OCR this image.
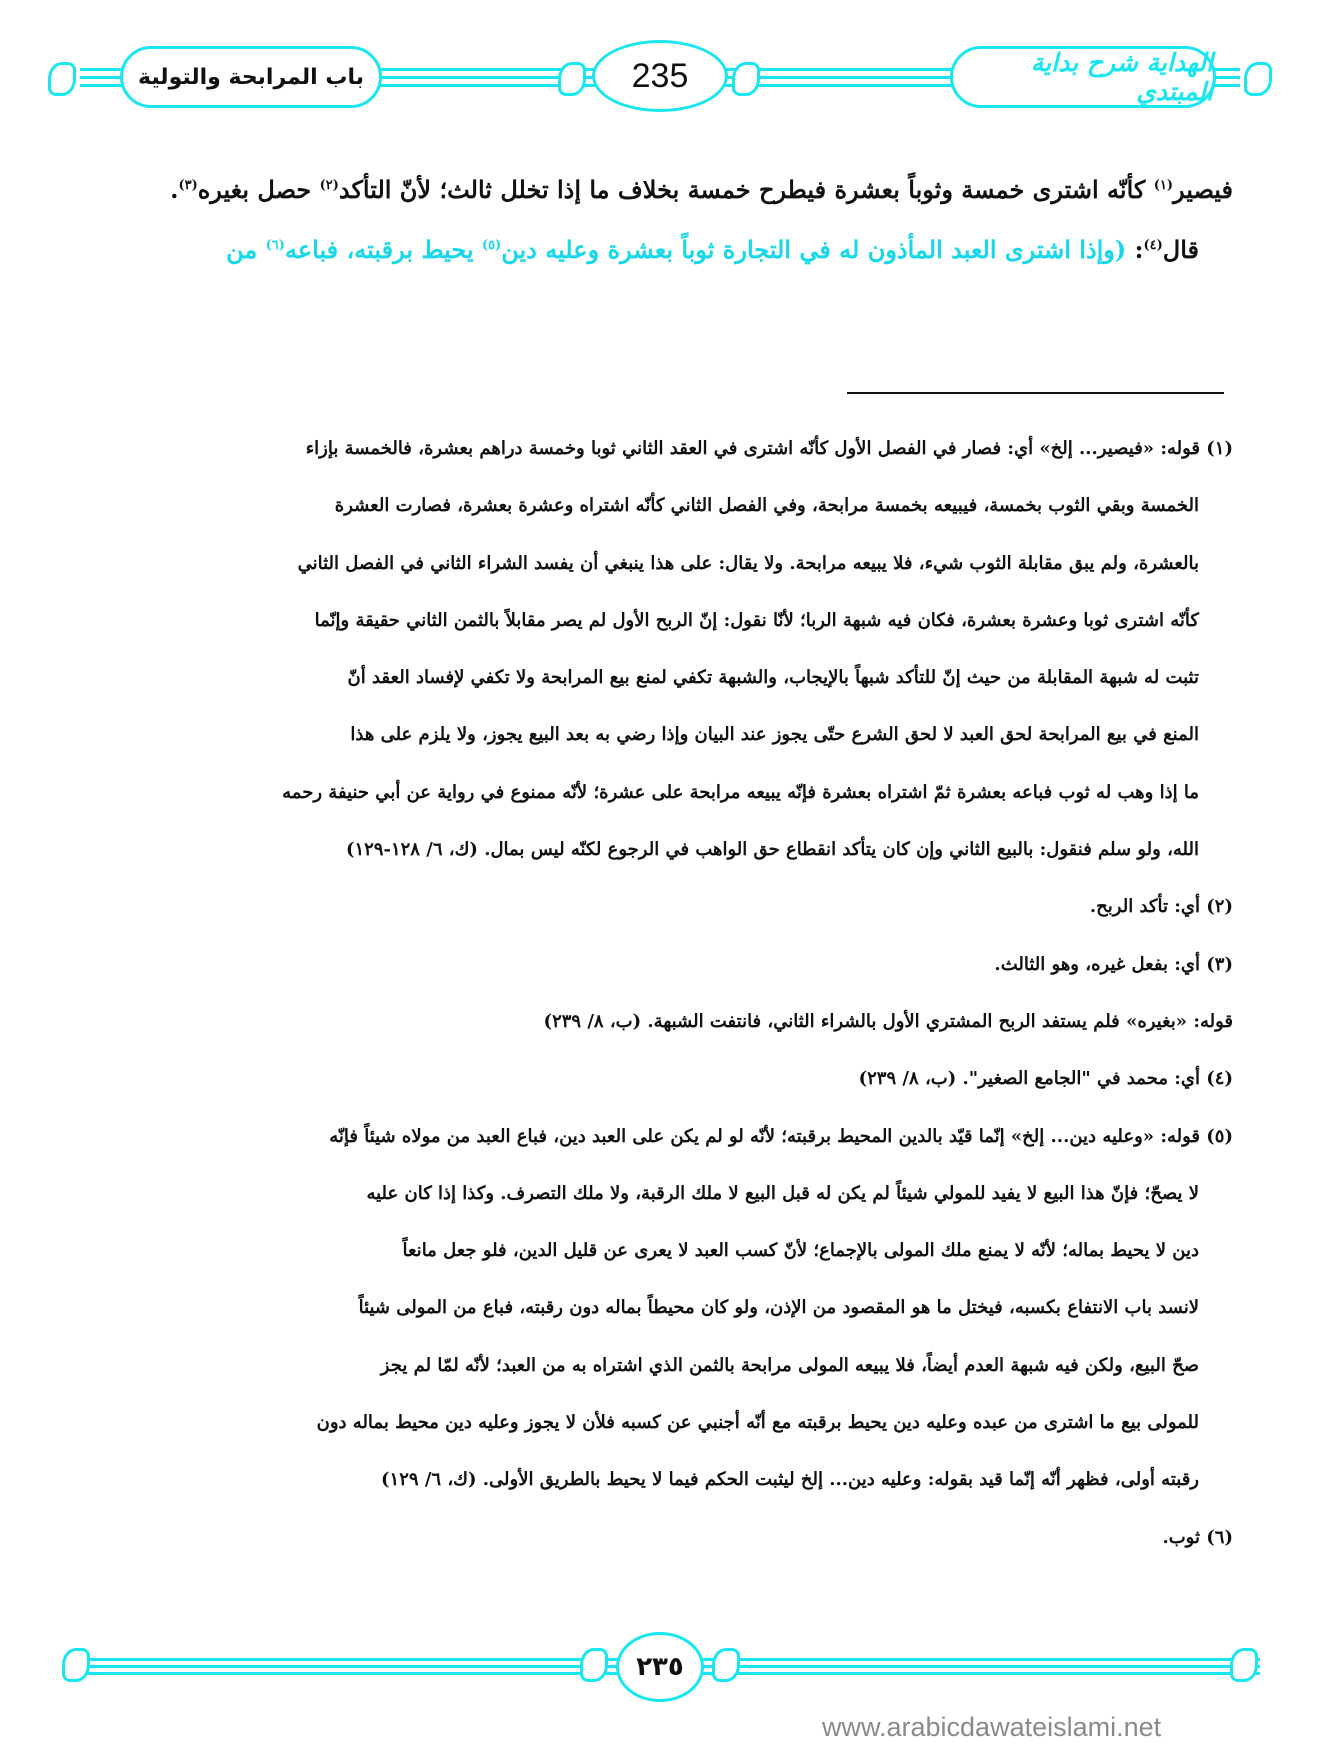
باب المرابحة والتولية	235	الهداية شرح بداية المبتدي

فيصير$^{(١)}$ كأنّه اشترى خمسة وثوباً بعشرة فيطرح خمسة بخلاف ما إذا تخلل ثالث؛ لأنّ التأكد$^{(٢)}$ حصل بغيره$^{(٣)}$.

قال$^{(٤)}$: (وإذا اشترى العبد المأذون له في التجارة ثوباً بعشرة وعليه دين$^{(٥)}$ يحيط برقبته، فباعه$^{(٦)}$ من

(١) قوله: «فيصير... إلخ» أي: فصار في الفصل الأول كأنّه اشترى في العقد الثاني ثوبا وخمسة دراهم بعشرة، فالخمسة بإزاء

الخمسة وبقي الثوب بخمسة، فيبيعه بخمسة مرابحة، وفي الفصل الثاني كأنّه اشتراه وعشرة بعشرة، فصارت العشرة

بالعشرة، ولم يبق مقابلة الثوب شيء، فلا يبيعه مرابحة. ولا يقال: على هذا ينبغي أن يفسد الشراء الثاني في الفصل الثاني

كأنّه اشترى ثوبا وعشرة بعشرة، فكان فيه شبهة الربا؛ لأنّا نقول: إنّ الربح الأول لم يصر مقابلاً بالثمن الثاني حقيقة وإنّما

تثبت له شبهة المقابلة من حيث إنّ للتأكد شبهاً بالإيجاب، والشبهة تكفي لمنع بيع المرابحة ولا تكفي لإفساد العقد أنّ

المنع في بيع المرابحة لحق العبد لا لحق الشرع حتّى يجوز عند البيان وإذا رضي به بعد البيع يجوز، ولا يلزم على هذا

ما إذا وهب له ثوب فباعه بعشرة ثمّ اشتراه بعشرة فإنّه يبيعه مرابحة على عشرة؛ لأنّه ممنوع في رواية عن أبي حنيفة رحمه

الله، ولو سلم فنقول: بالبيع الثاني وإن كان يتأكد انقطاع حق الواهب في الرجوع لكنّه ليس بمال. (ك، ٦/ ١٢٨-١٢٩)

(٢) أي: تأكد الربح.

(٣) أي: بفعل غيره، وهو الثالث.

قوله: «بغيره» فلم يستفد الربح المشتري الأول بالشراء الثاني، فانتفت الشبهة. (ب، ٨/ ٢٣٩)

(٤) أي: محمد في "الجامع الصغير". (ب، ٨/ ٢٣٩)

(٥) قوله: «وعليه دين... إلخ» إنّما قيّد بالدين المحيط برقبته؛ لأنّه لو لم يكن على العبد دين، فباع العبد من مولاه شيئاً فإنّه

لا يصحّ؛ فإنّ هذا البيع لا يفيد للمولي شيئاً لم يكن له قبل البيع لا ملك الرقبة، ولا ملك التصرف. وكذا إذا كان عليه

دين لا يحيط بماله؛ لأنّه لا يمنع ملك المولى بالإجماع؛ لأنّ كسب العبد لا يعرى عن قليل الدين، فلو جعل مانعاً

لانسد باب الانتفاع بكسبه، فيختل ما هو المقصود من الإذن، ولو كان محيطاً بماله دون رقبته، فباع من المولى شيئاً

صحّ البيع، ولكن فيه شبهة العدم أيضاً، فلا يبيعه المولى مرابحة بالثمن الذي اشتراه به من العبد؛ لأنّه لمّا لم يجز

للمولى بيع ما اشترى من عبده وعليه دين يحيط برقبته مع أنّه أجنبي عن كسبه فلأن لا يجوز وعليه دين محيط بماله دون

رقبته أولى، فظهر أنّه إنّما قيد بقوله: وعليه دين... إلخ ليثبت الحكم فيما لا يحيط بالطريق الأولى. (ك، ٦/ ١٢٩)

(٦) ثوب.

٢٣٥
www.arabicdawateislami.net
